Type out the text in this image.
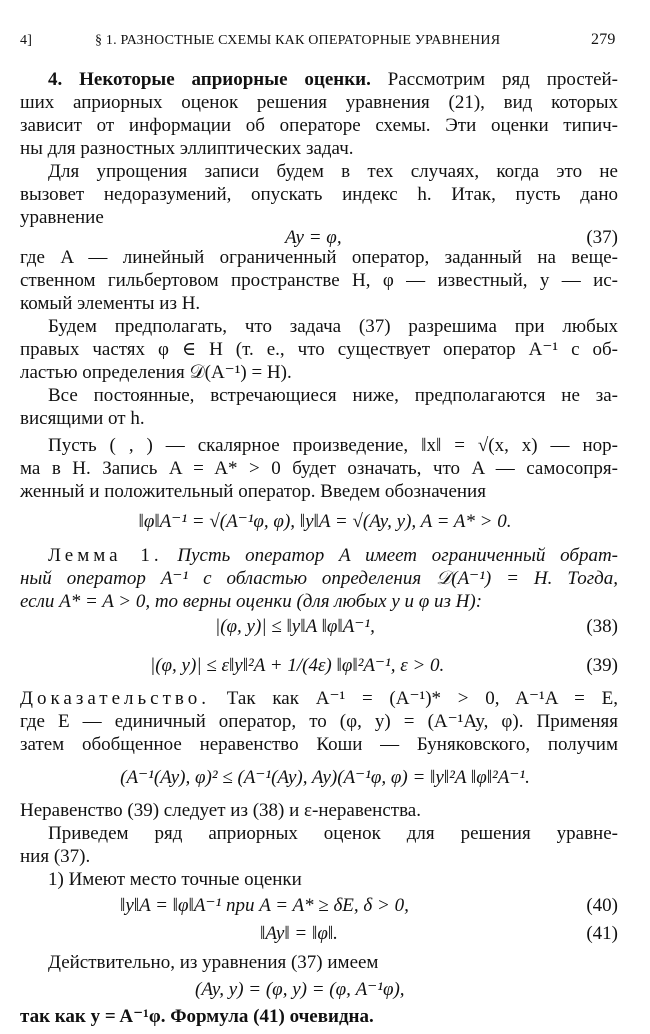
4]	§ 1. РАЗНОСТНЫЕ СХЕМЫ КАК ОПЕРАТОРНЫЕ УРАВНЕНИЯ	279
4. Некоторые априорные оценки. Рассмотрим ряд простей-
ших априорных оценок решения уравнения (21), вид которых
зависит от информации об операторе схемы. Эти оценки типич-
ны для разностных эллиптических задач.
Для упрощения записи будем в тех случаях, когда это не
вызовет недоразумений, опускать индекс h. Итак, пусть дано
уравнение
Ay = φ,	(37)
где A — линейный ограниченный оператор, заданный на веще-
ственном гильбертовом пространстве H, φ — известный, y — ис-
комый элементы из H.
Будем предполагать, что задача (37) разрешима при любых
правых частях φ ∈ H (т. е., что существует оператор A⁻¹ с об-
ластью определения 𝒟(A⁻¹) = H).
Все постоянные, встречающиеся ниже, предполагаются не за-
висящими от h.
Пусть ( , ) — скалярное произведение, ‖x‖ = √(x, x) — нор-
ма в H. Запись A = A* > 0 будет означать, что A — самосопря-
женный и положительный оператор. Введем обозначения
‖φ‖A⁻¹ = √(A⁻¹φ, φ), ‖y‖A = √(Ay, y), A = A* > 0.
Лемма 1. Пусть оператор A имеет ограниченный обрат-
ный оператор A⁻¹ с областью определения 𝒟(A⁻¹) = H. Тогда,
если A* = A > 0, то верны оценки (для любых y и φ из H):
|(φ, y)| ≤ ‖y‖A ‖φ‖A⁻¹,	(38)
|(φ, y)| ≤ ε‖y‖²A + 1/(4ε) ‖φ‖²A⁻¹, ε > 0.	(39)
Доказательство. Так как A⁻¹ = (A⁻¹)* > 0, A⁻¹A = E,
где E — единичный оператор, то (φ, y) = (A⁻¹Ay, φ). Применяя
затем обобщенное неравенство Коши — Буняковского, получим
(A⁻¹(Ay), φ)² ≤ (A⁻¹(Ay), Ay)(A⁻¹φ, φ) = ‖y‖²A ‖φ‖²A⁻¹.
Неравенство (39) следует из (38) и ε-неравенства.
Приведем ряд априорных оценок для решения уравне-
ния (37).
1) Имеют место точные оценки
‖y‖A = ‖φ‖A⁻¹ при A = A* ≥ δE, δ > 0,	(40)
‖Ay‖ = ‖φ‖.	(41)
Действительно, из уравнения (37) имеем
(Ay, y) = (φ, y) = (φ, A⁻¹φ),
так как y = A⁻¹φ. Формула (41) очевидна.
